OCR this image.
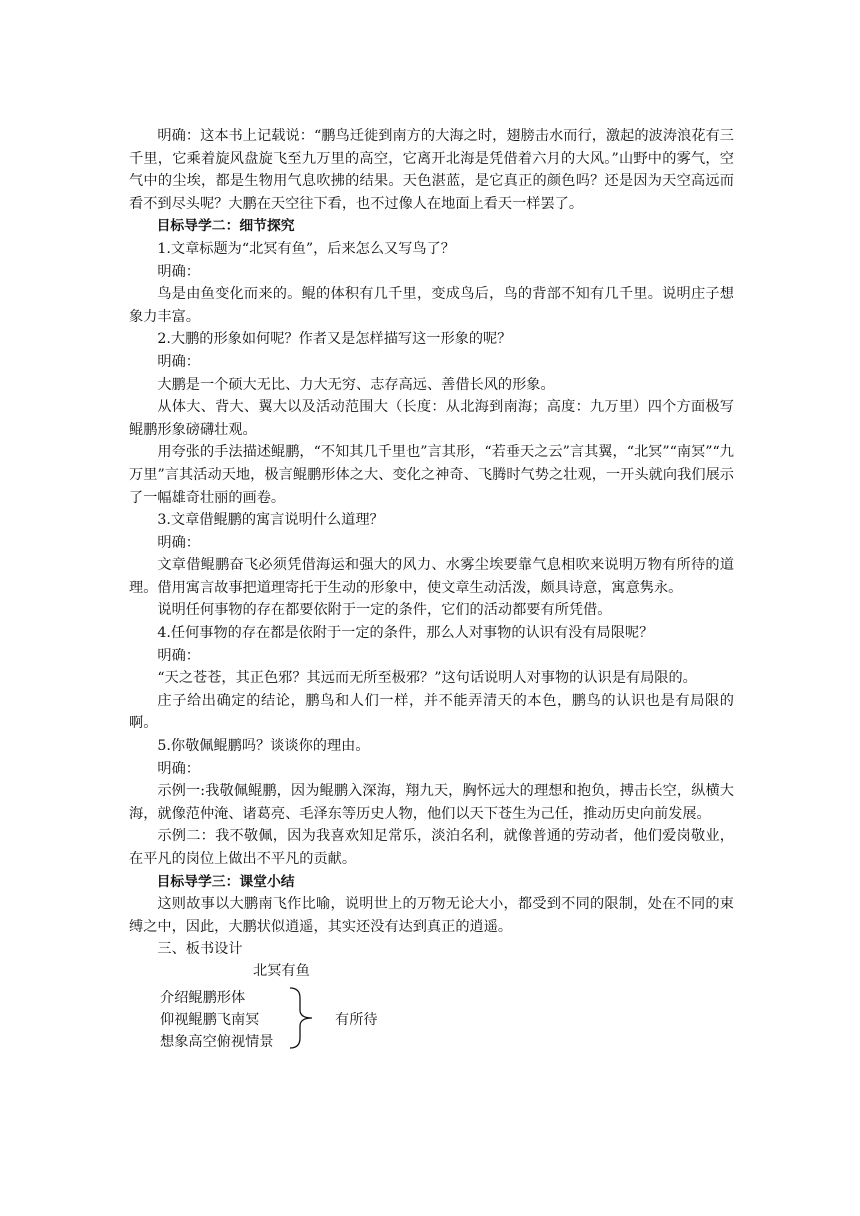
明确：这本书上记载说：“鹏鸟迁徙到南方的大海之时，翅膀击水而行，激起的波涛浪花有三千里，它乘着旋风盘旋飞至九万里的高空，它离开北海是凭借着六月的大风。”山野中的雾气，空气中的尘埃，都是生物用气息吹拂的结果。天色湛蓝，是它真正的颜色吗？还是因为天空高远而看不到尽头呢？大鹏在天空往下看，也不过像人在地面上看天一样罢了。

目标导学二：细节探究

1.文章标题为“北冥有鱼”，后来怎么又写鸟了？

明确：

鸟是由鱼变化而来的。鲲的体积有几千里，变成鸟后，鸟的背部不知有几千里。说明庄子想象力丰富。

2.大鹏的形象如何呢？作者又是怎样描写这一形象的呢？

明确：

大鹏是一个硕大无比、力大无穷、志存高远、善借长风的形象。

从体大、背大、翼大以及活动范围大（长度：从北海到南海；高度：九万里）四个方面极写鲲鹏形象磅礴壮观。

用夸张的手法描述鲲鹏，“不知其几千里也”言其形，“若垂天之云”言其翼，“北冥”“南冥”“九万里”言其活动天地，极言鲲鹏形体之大、变化之神奇、飞腾时气势之壮观，一开头就向我们展示了一幅雄奇壮丽的画卷。

3.文章借鲲鹏的寓言说明什么道理？

明确：

文章借鲲鹏奋飞必须凭借海运和强大的风力、水雾尘埃要靠气息相吹来说明万物有所待的道理。借用寓言故事把道理寄托于生动的形象中，使文章生动活泼，颇具诗意，寓意隽永。

说明任何事物的存在都要依附于一定的条件，它们的活动都要有所凭借。

4.任何事物的存在都是依附于一定的条件，那么人对事物的认识有没有局限呢？

明确：

“天之苍苍，其正色邪？其远而无所至极邪？”这句话说明人对事物的认识是有局限的。

庄子给出确定的结论，鹏鸟和人们一样，并不能弄清天的本色，鹏鸟的认识也是有局限的啊。

5.你敬佩鲲鹏吗？谈谈你的理由。

明确：

示例一:我敬佩鲲鹏，因为鲲鹏入深海，翔九天，胸怀远大的理想和抱负，搏击长空，纵横大海，就像范仲淹、诸葛亮、毛泽东等历史人物，他们以天下苍生为己任，推动历史向前发展。

示例二：我不敬佩，因为我喜欢知足常乐，淡泊名利，就像普通的劳动者，他们爱岗敬业，在平凡的岗位上做出不平凡的贡献。

目标导学三：课堂小结

这则故事以大鹏南飞作比喻，说明世上的万物无论大小，都受到不同的限制，处在不同的束缚之中，因此，大鹏状似逍遥，其实还没有达到真正的逍遥。

三、板书设计

北冥有鱼
介绍鲲鹏形体
仰视鲲鹏飞南冥
想象高空俯视情景
有所待
